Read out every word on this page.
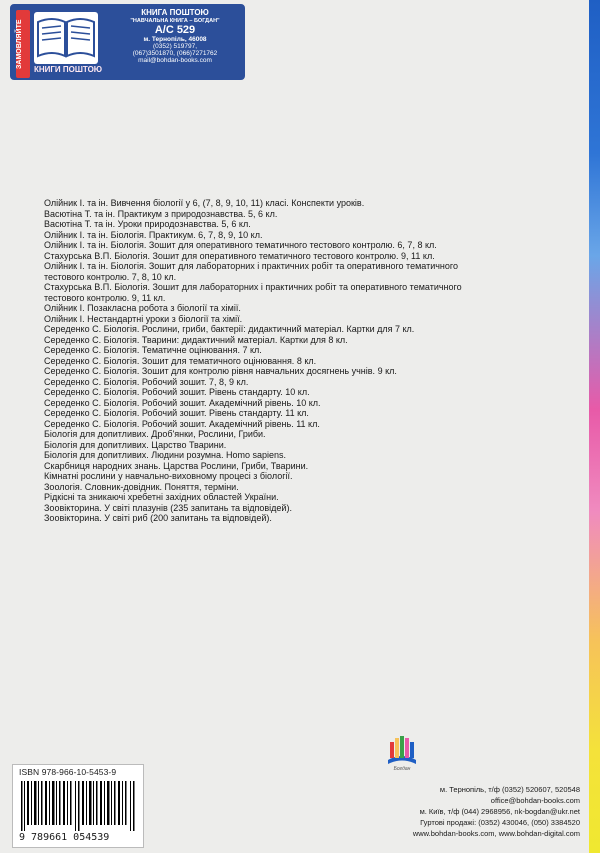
ЗАМОВЛЯЙТЕ
КНИГИ ПОШТОЮ
КНИГА ПОШТОЮ
"НАВЧАЛЬНА КНИГА – БОГДАН"
А/С 529
м. Тернопіль, 46008
(0352) 519797,
(067)3501870, (066)7271762
mail@bohdan-books.com
Олійник І. та ін. Вивчення біології у 6, (7, 8, 9, 10, 11) класі. Конспекти уроків.
Васютіна Т. та ін. Практикум з природознавства. 5, 6 кл.
Васютіна Т. та ін. Уроки природознавства. 5, 6 кл.
Олійник І. та ін. Біологія. Практикум. 6, 7, 8, 9, 10 кл.
Олійник І. та ін. Біологія. Зошит для оперативного тематичного тестового контролю. 6, 7, 8 кл.
Стахурська В.П. Біологія. Зошит для оперативного тематичного тестового контролю. 9, 11 кл.
Олійник І. та ін. Біологія. Зошит для лабораторних і практичних робіт та оперативного тематичного
тестового контролю. 7, 8, 10 кл.
Стахурська В.П. Біологія. Зошит для лабораторних і практичних робіт та оперативного тематичного
тестового контролю. 9, 11 кл.
Олійник І. Позакласна робота з біології та хімії.
Олійник І. Нестандартні уроки з біології та хімії.
Середенко С. Біологія. Рослини, гриби, бактерії: дидактичний матеріал. Картки для 7 кл.
Середенко С. Біологія. Тварини: дидактичний матеріал. Картки для 8 кл.
Середенко С. Біологія. Тематичне оцінювання. 7 кл.
Середенко С. Біологія. Зошит для тематичного оцінювання. 8 кл.
Середенко С. Біологія. Зошит для контролю рівня навчальних досягнень учнів. 9 кл.
Середенко С. Біологія. Робочий зошит. 7, 8, 9 кл.
Середенко С. Біологія. Робочий зошит. Рівень стандарту. 10 кл.
Середенко С. Біологія. Робочий зошит. Академічний рівень. 10 кл.
Середенко С. Біологія. Робочий зошит. Рівень стандарту. 11 кл.
Середенко С. Біологія. Робочий зошит. Академічний рівень. 11 кл.
Біологія для допитливих. Дроб'янки, Рослини, Гриби.
Біологія для допитливих. Царство Тварини.
Біологія для допитливих. Людини розумна. Homo sapiens.
Скарбниця народних знань. Царства Рослини, Гриби, Тварини.
Кімнатні рослини у навчально-виховному процесі з біології.
Зоологія. Словник-довідник. Поняття, терміни.
Рідкісні та зникаючі хребетні західних областей України.
Зоовікторина. У світі плазунів (235 запитань та відповідей).
Зоовікторина. У світі риб (200 запитань та відповідей).
Богдан
ISBN 978-966-10-5453-9
9 789661 054539
м. Тернопіль, т/ф (0352) 520607, 520548
office@bohdan-books.com
м. Київ, т/ф (044) 2968956, nk-bogdan@ukr.net
Гуртові продажі: (0352) 430046, (050) 3384520
www.bohdan-books.com, www.bohdan-digital.com
